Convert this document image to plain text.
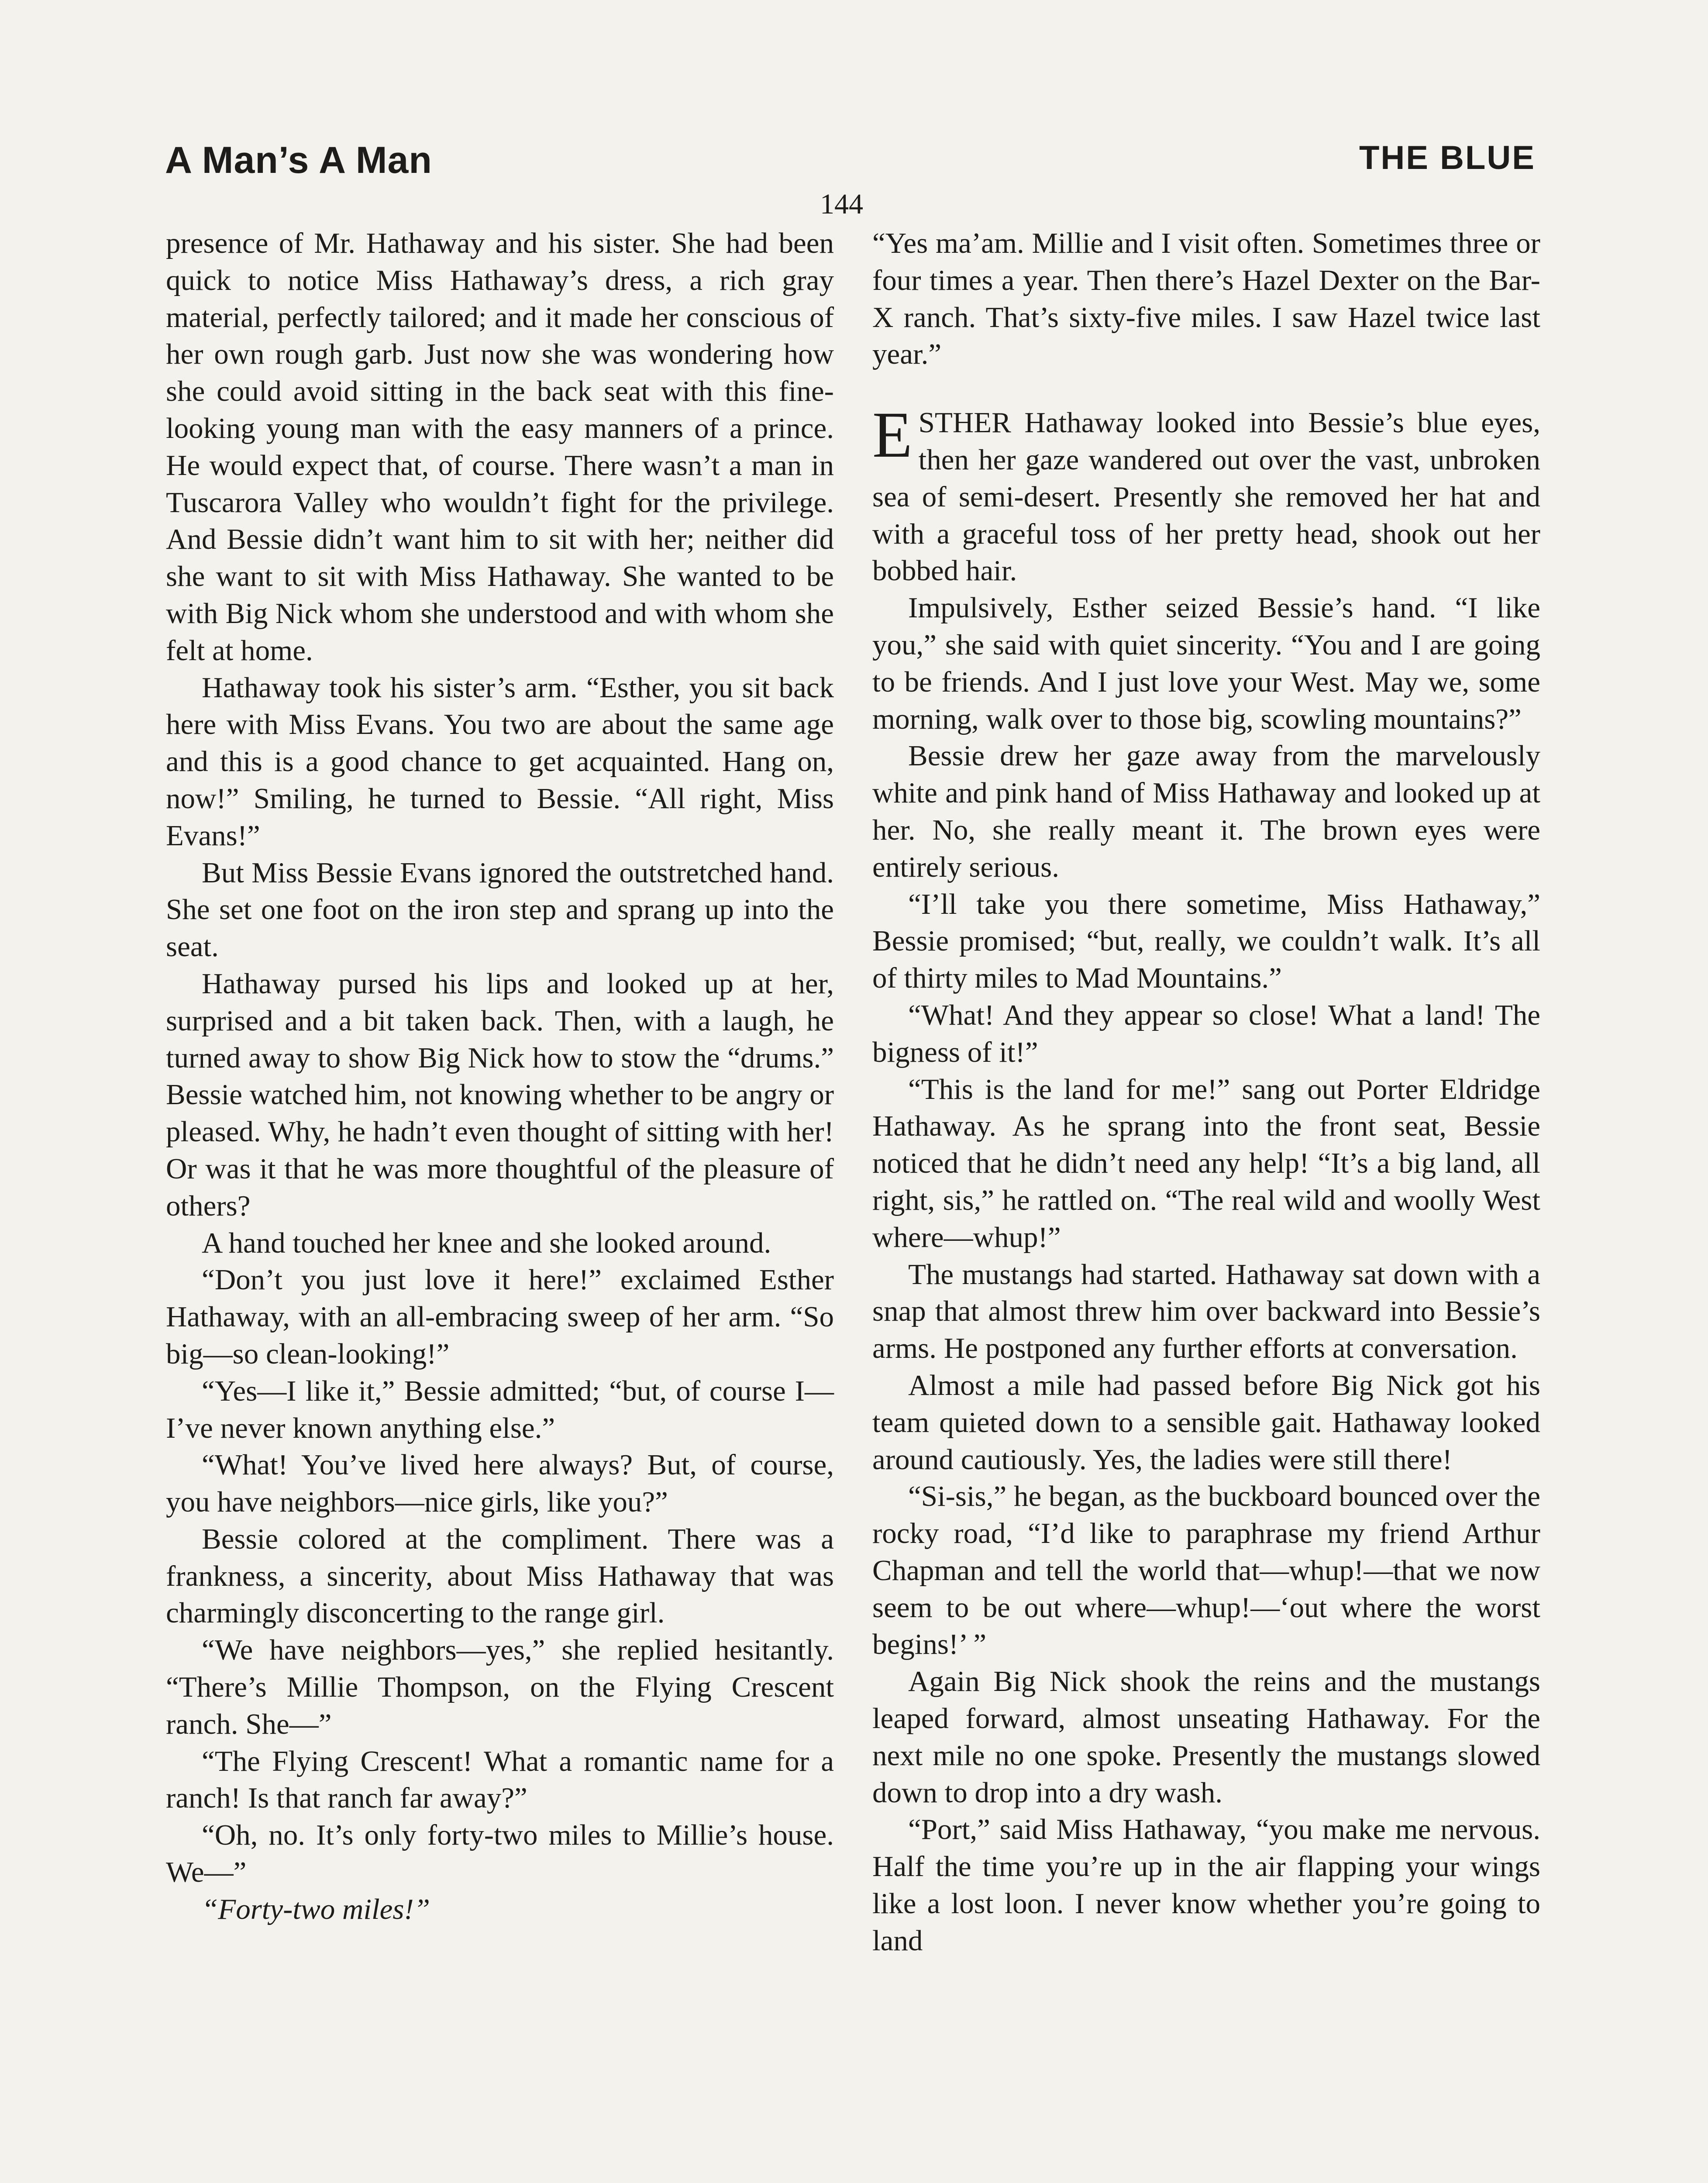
A Man’s A Man	THE BLUE
144

presence of Mr. Hathaway and his sister. She had been quick to notice Miss Hathaway’s dress, a rich gray material, perfectly tailored; and it made her conscious of her own rough garb. Just now she was wondering how she could avoid sitting in the back seat with this fine-looking young man with the easy manners of a prince. He would expect that, of course. There wasn’t a man in Tuscarora Valley who wouldn’t fight for the privilege. And Bessie didn’t want him to sit with her; neither did she want to sit with Miss Hathaway. She wanted to be with Big Nick whom she understood and with whom she felt at home.

Hathaway took his sister’s arm. “Esther, you sit back here with Miss Evans. You two are about the same age and this is a good chance to get acquainted. Hang on, now!” Smiling, he turned to Bessie. “All right, Miss Evans!”

But Miss Bessie Evans ignored the outstretched hand. She set one foot on the iron step and sprang up into the seat.

Hathaway pursed his lips and looked up at her, surprised and a bit taken back. Then, with a laugh, he turned away to show Big Nick how to stow the “drums.” Bessie watched him, not knowing whether to be angry or pleased. Why, he hadn’t even thought of sitting with her! Or was it that he was more thoughtful of the pleasure of others?

A hand touched her knee and she looked around.

“Don’t you just love it here!” exclaimed Esther Hathaway, with an all-embracing sweep of her arm. “So big—so clean-looking!”

“Yes—I like it,” Bessie admitted; “but, of course I—I’ve never known anything else.”

“What! You’ve lived here always? But, of course, you have neighbors—nice girls, like you?”

Bessie colored at the compliment. There was a frankness, a sincerity, about Miss Hathaway that was charmingly disconcerting to the range girl.

“We have neighbors—yes,” she replied hesitantly. “There’s Millie Thompson, on the Flying Crescent ranch. She—”

“The Flying Crescent! What a romantic name for a ranch! Is that ranch far away?”

“Oh, no. It’s only forty-two miles to Millie’s house. We—”

“Forty-two miles!”

“Yes ma’am. Millie and I visit often. Sometimes three or four times a year. Then there’s Hazel Dexter on the Bar-X ranch. That’s sixty-five miles. I saw Hazel twice last year.”

ESTHER Hathaway looked into Bessie’s blue eyes, then her gaze wandered out over the vast, unbroken sea of semi-desert. Presently she removed her hat and with a graceful toss of her pretty head, shook out her bobbed hair.

Impulsively, Esther seized Bessie’s hand. “I like you,” she said with quiet sincerity. “You and I are going to be friends. And I just love your West. May we, some morning, walk over to those big, scowling mountains?”

Bessie drew her gaze away from the marvelously white and pink hand of Miss Hathaway and looked up at her. No, she really meant it. The brown eyes were entirely serious.

“I’ll take you there sometime, Miss Hathaway,” Bessie promised; “but, really, we couldn’t walk. It’s all of thirty miles to Mad Mountains.”

“What! And they appear so close! What a land! The bigness of it!”

“This is the land for me!” sang out Porter Eldridge Hathaway. As he sprang into the front seat, Bessie noticed that he didn’t need any help! “It’s a big land, all right, sis,” he rattled on. “The real wild and woolly West where—whup!”

The mustangs had started. Hathaway sat down with a snap that almost threw him over backward into Bessie’s arms. He postponed any further efforts at conversation.

Almost a mile had passed before Big Nick got his team quieted down to a sensible gait. Hathaway looked around cautiously. Yes, the ladies were still there!

“Si-sis,” he began, as the buckboard bounced over the rocky road, “I’d like to paraphrase my friend Arthur Chapman and tell the world that—whup!—that we now seem to be out where—whup!—‘out where the worst begins!’ ”

Again Big Nick shook the reins and the mustangs leaped forward, almost unseating Hathaway. For the next mile no one spoke. Presently the mustangs slowed down to drop into a dry wash.

“Port,” said Miss Hathaway, “you make me nervous. Half the time you’re up in the air flapping your wings like a lost loon. I never know whether you’re going to land
